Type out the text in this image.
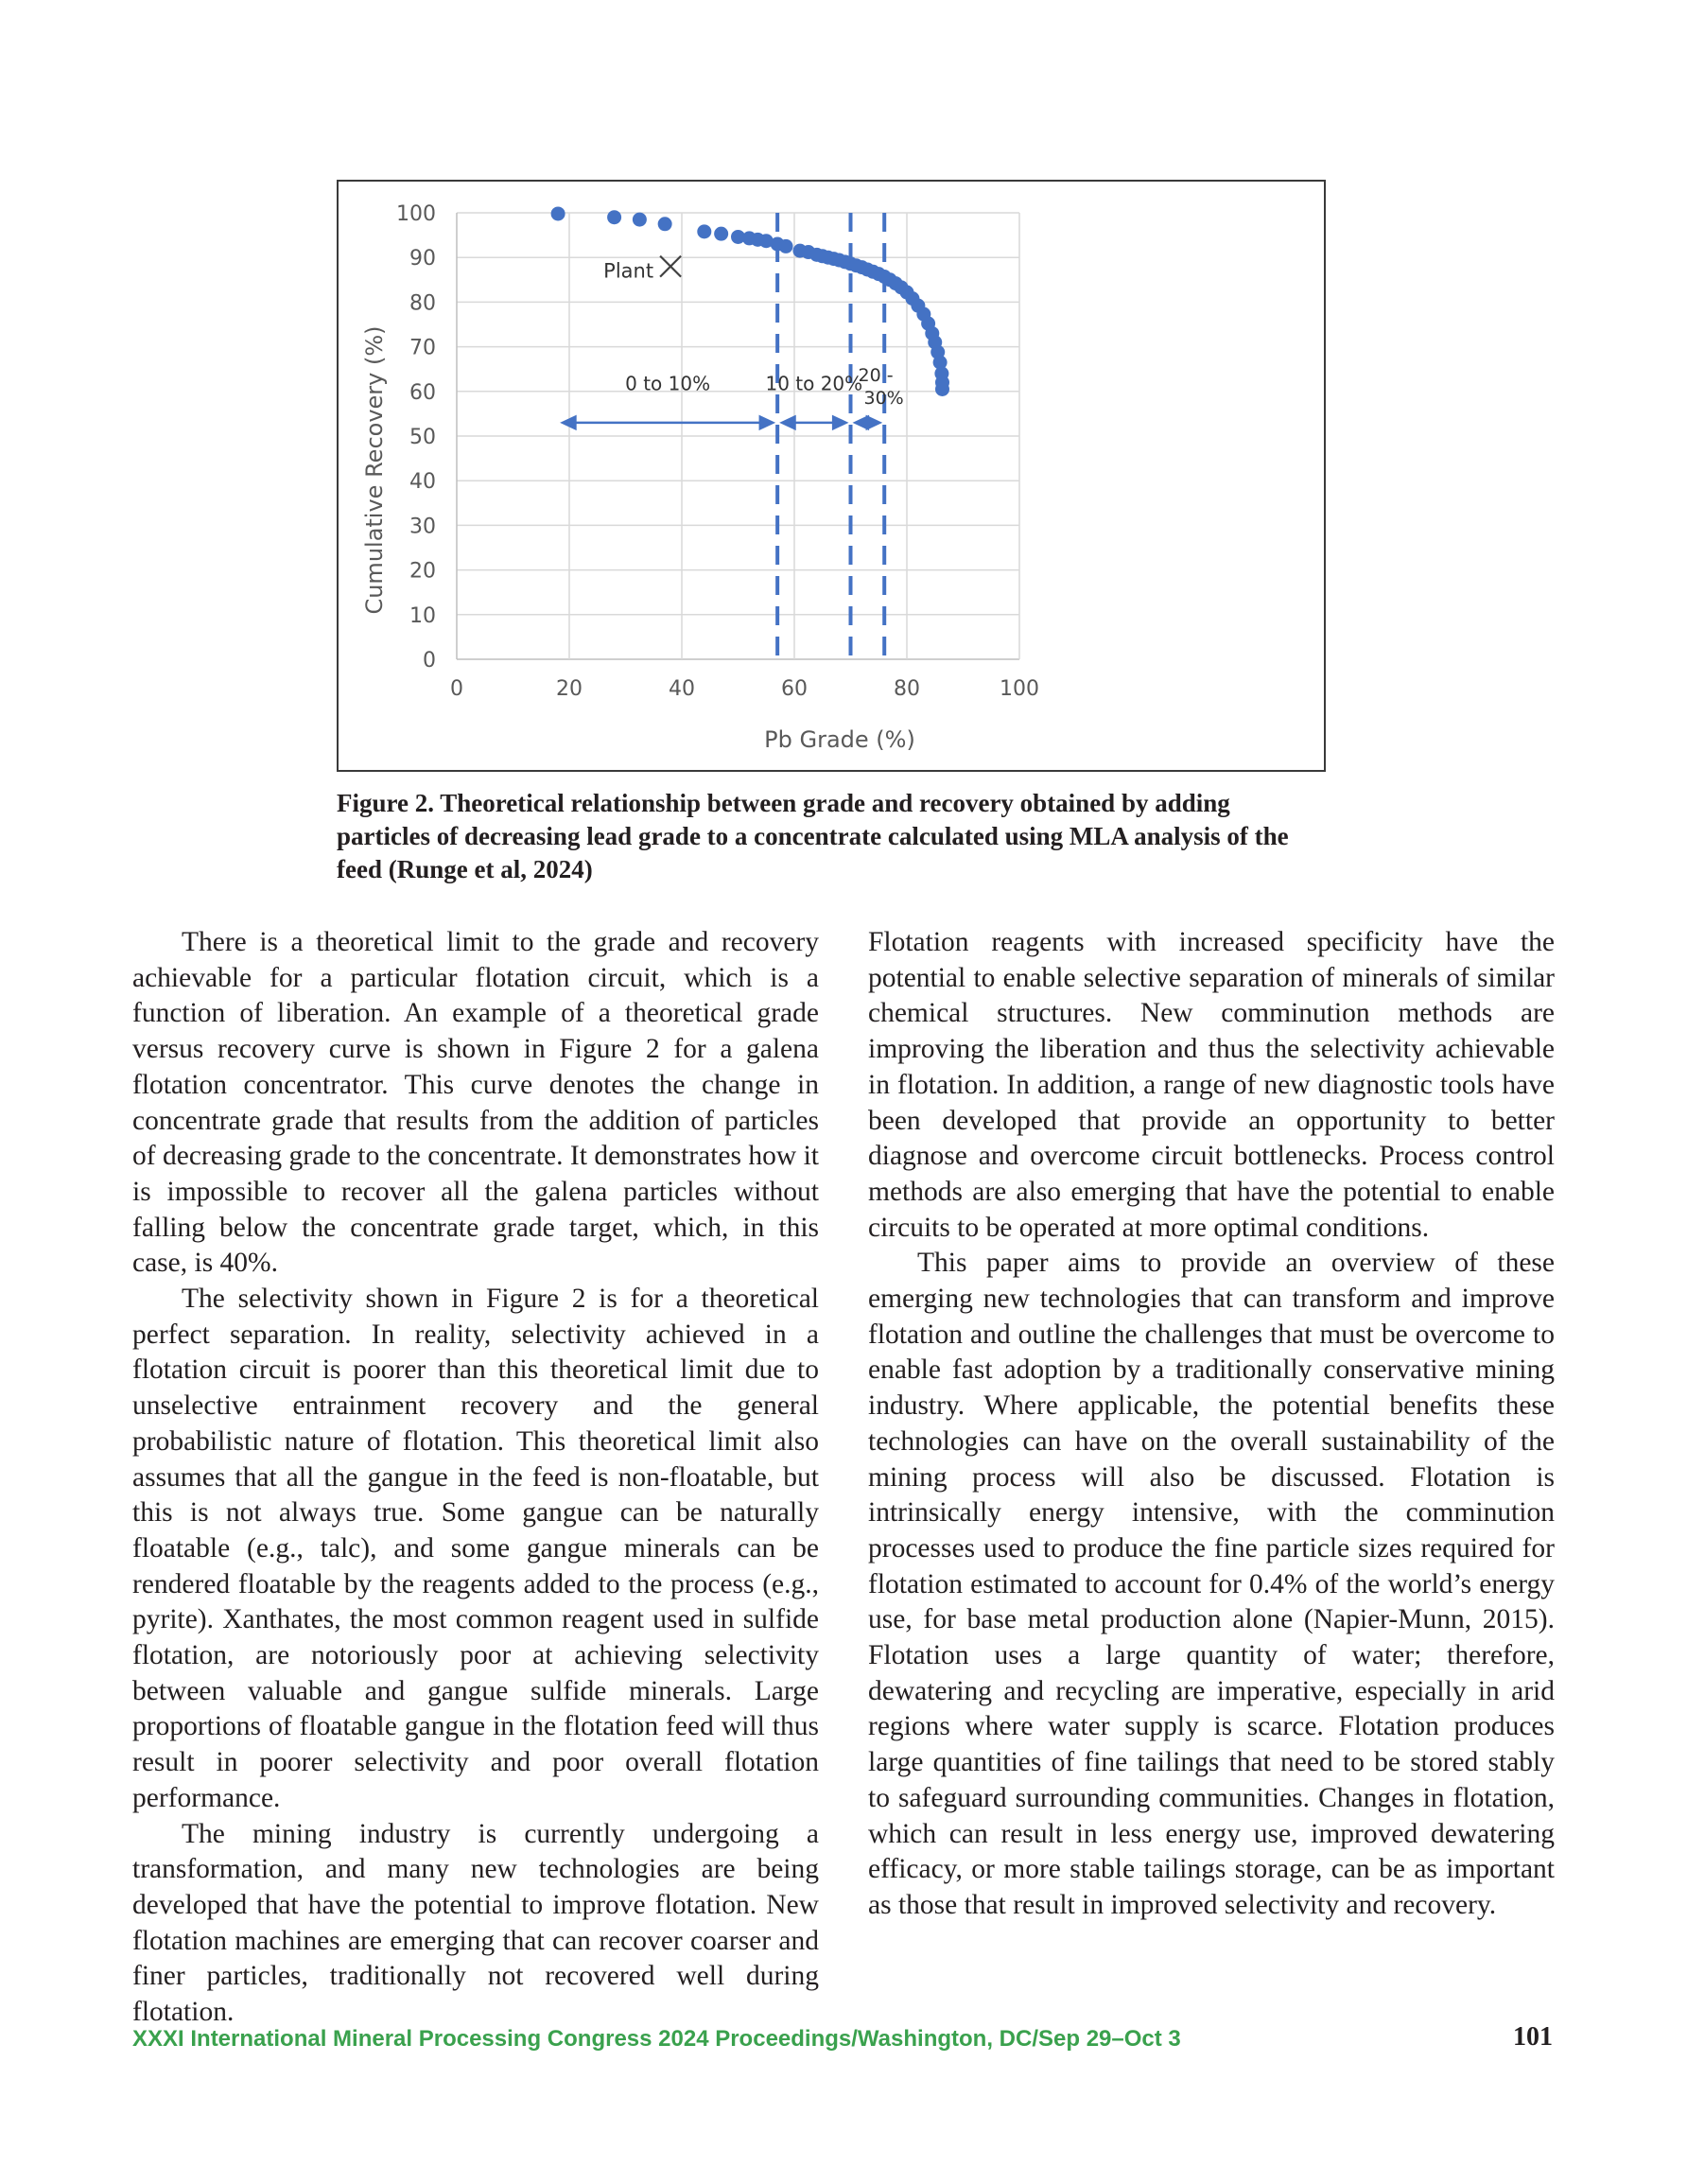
0
10
20
30
40
50
60
70
80
90
100
0	20	40	60	80	100
Cumulative Recovery (%)
Pb Grade (%)
0 to 10%	10 to 20%
20 -
30%
Plant

Figure 2. Theoretical relationship between grade and recovery obtained by adding particles of decreasing lead grade to a concentrate calculated using MLA analysis of the feed (Runge et al, 2024)

There is a theoretical limit to the grade and recovery achievable for a particular flotation circuit, which is a function of liberation. An example of a theoretical grade versus recovery curve is shown in Figure 2 for a galena flotation concentrator. This curve denotes the change in concentrate grade that results from the addition of particles of decreasing grade to the concentrate. It demonstrates how it is impossible to recover all the galena particles without falling below the concentrate grade target, which, in this case, is 40%.

The selectivity shown in Figure 2 is for a theoretical perfect separation. In reality, selectivity achieved in a flotation circuit is poorer than this theoretical limit due to unselective entrainment recovery and the general probabilistic nature of flotation. This theoretical limit also assumes that all the gangue in the feed is non-floatable, but this is not always true. Some gangue can be naturally floatable (e.g., talc), and some gangue minerals can be rendered floatable by the reagents added to the process (e.g., pyrite). Xanthates, the most common reagent used in sulfide flotation, are notoriously poor at achieving selectivity between valuable and gangue sulfide minerals. Large proportions of floatable gangue in the flotation feed will thus result in poorer selectivity and poor overall flotation performance.

The mining industry is currently undergoing a transformation, and many new technologies are being developed that have the potential to improve flotation. New flotation machines are emerging that can recover coarser and finer particles, traditionally not recovered well during flotation.

Flotation reagents with increased specificity have the potential to enable selective separation of minerals of similar chemical structures. New comminution methods are improving the liberation and thus the selectivity achievable in flotation. In addition, a range of new diagnostic tools have been developed that provide an opportunity to better diagnose and overcome circuit bottlenecks. Process control methods are also emerging that have the potential to enable circuits to be operated at more optimal conditions.

This paper aims to provide an overview of these emerging new technologies that can transform and improve flotation and outline the challenges that must be overcome to enable fast adoption by a traditionally conservative mining industry. Where applicable, the potential benefits these technologies can have on the overall sustainability of the mining process will also be discussed. Flotation is intrinsically energy intensive, with the comminution processes used to produce the fine particle sizes required for flotation estimated to account for 0.4% of the world’s energy use, for base metal production alone (Napier-Munn, 2015). Flotation uses a large quantity of water; therefore, dewatering and recycling are imperative, especially in arid regions where water supply is scarce. Flotation produces large quantities of fine tailings that need to be stored stably to safeguard surrounding communities. Changes in flotation, which can result in less energy use, improved dewatering efficacy, or more stable tailings storage, can be as important as those that result in improved selectivity and recovery.

XXXI International Mineral Processing Congress 2024 Proceedings/Washington, DC/Sep 29–Oct 3	101
